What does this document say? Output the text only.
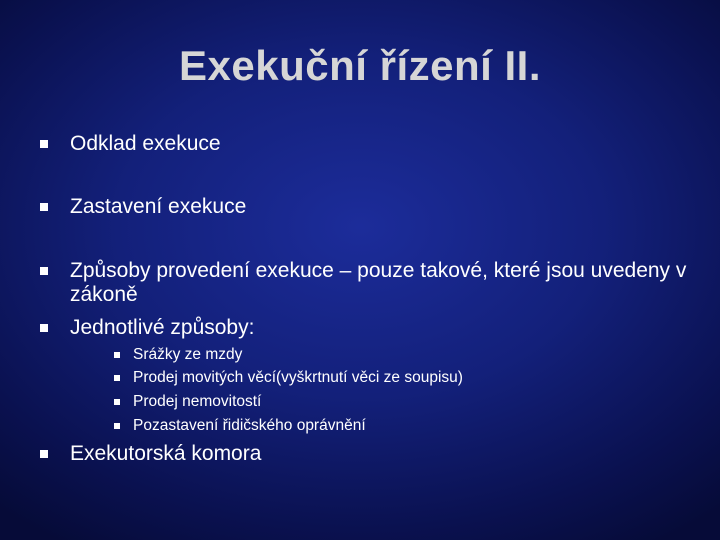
Exekuční řízení II.
Odklad exekuce
Zastavení exekuce
Způsoby provedení exekuce – pouze takové, které jsou uvedeny v zákoně
Jednotlivé způsoby:
Srážky ze mzdy
Prodej movitých věcí(vyškrtnutí věci ze soupisu)
Prodej nemovitostí
Pozastavení řidičského oprávnění
Exekutorská komora
